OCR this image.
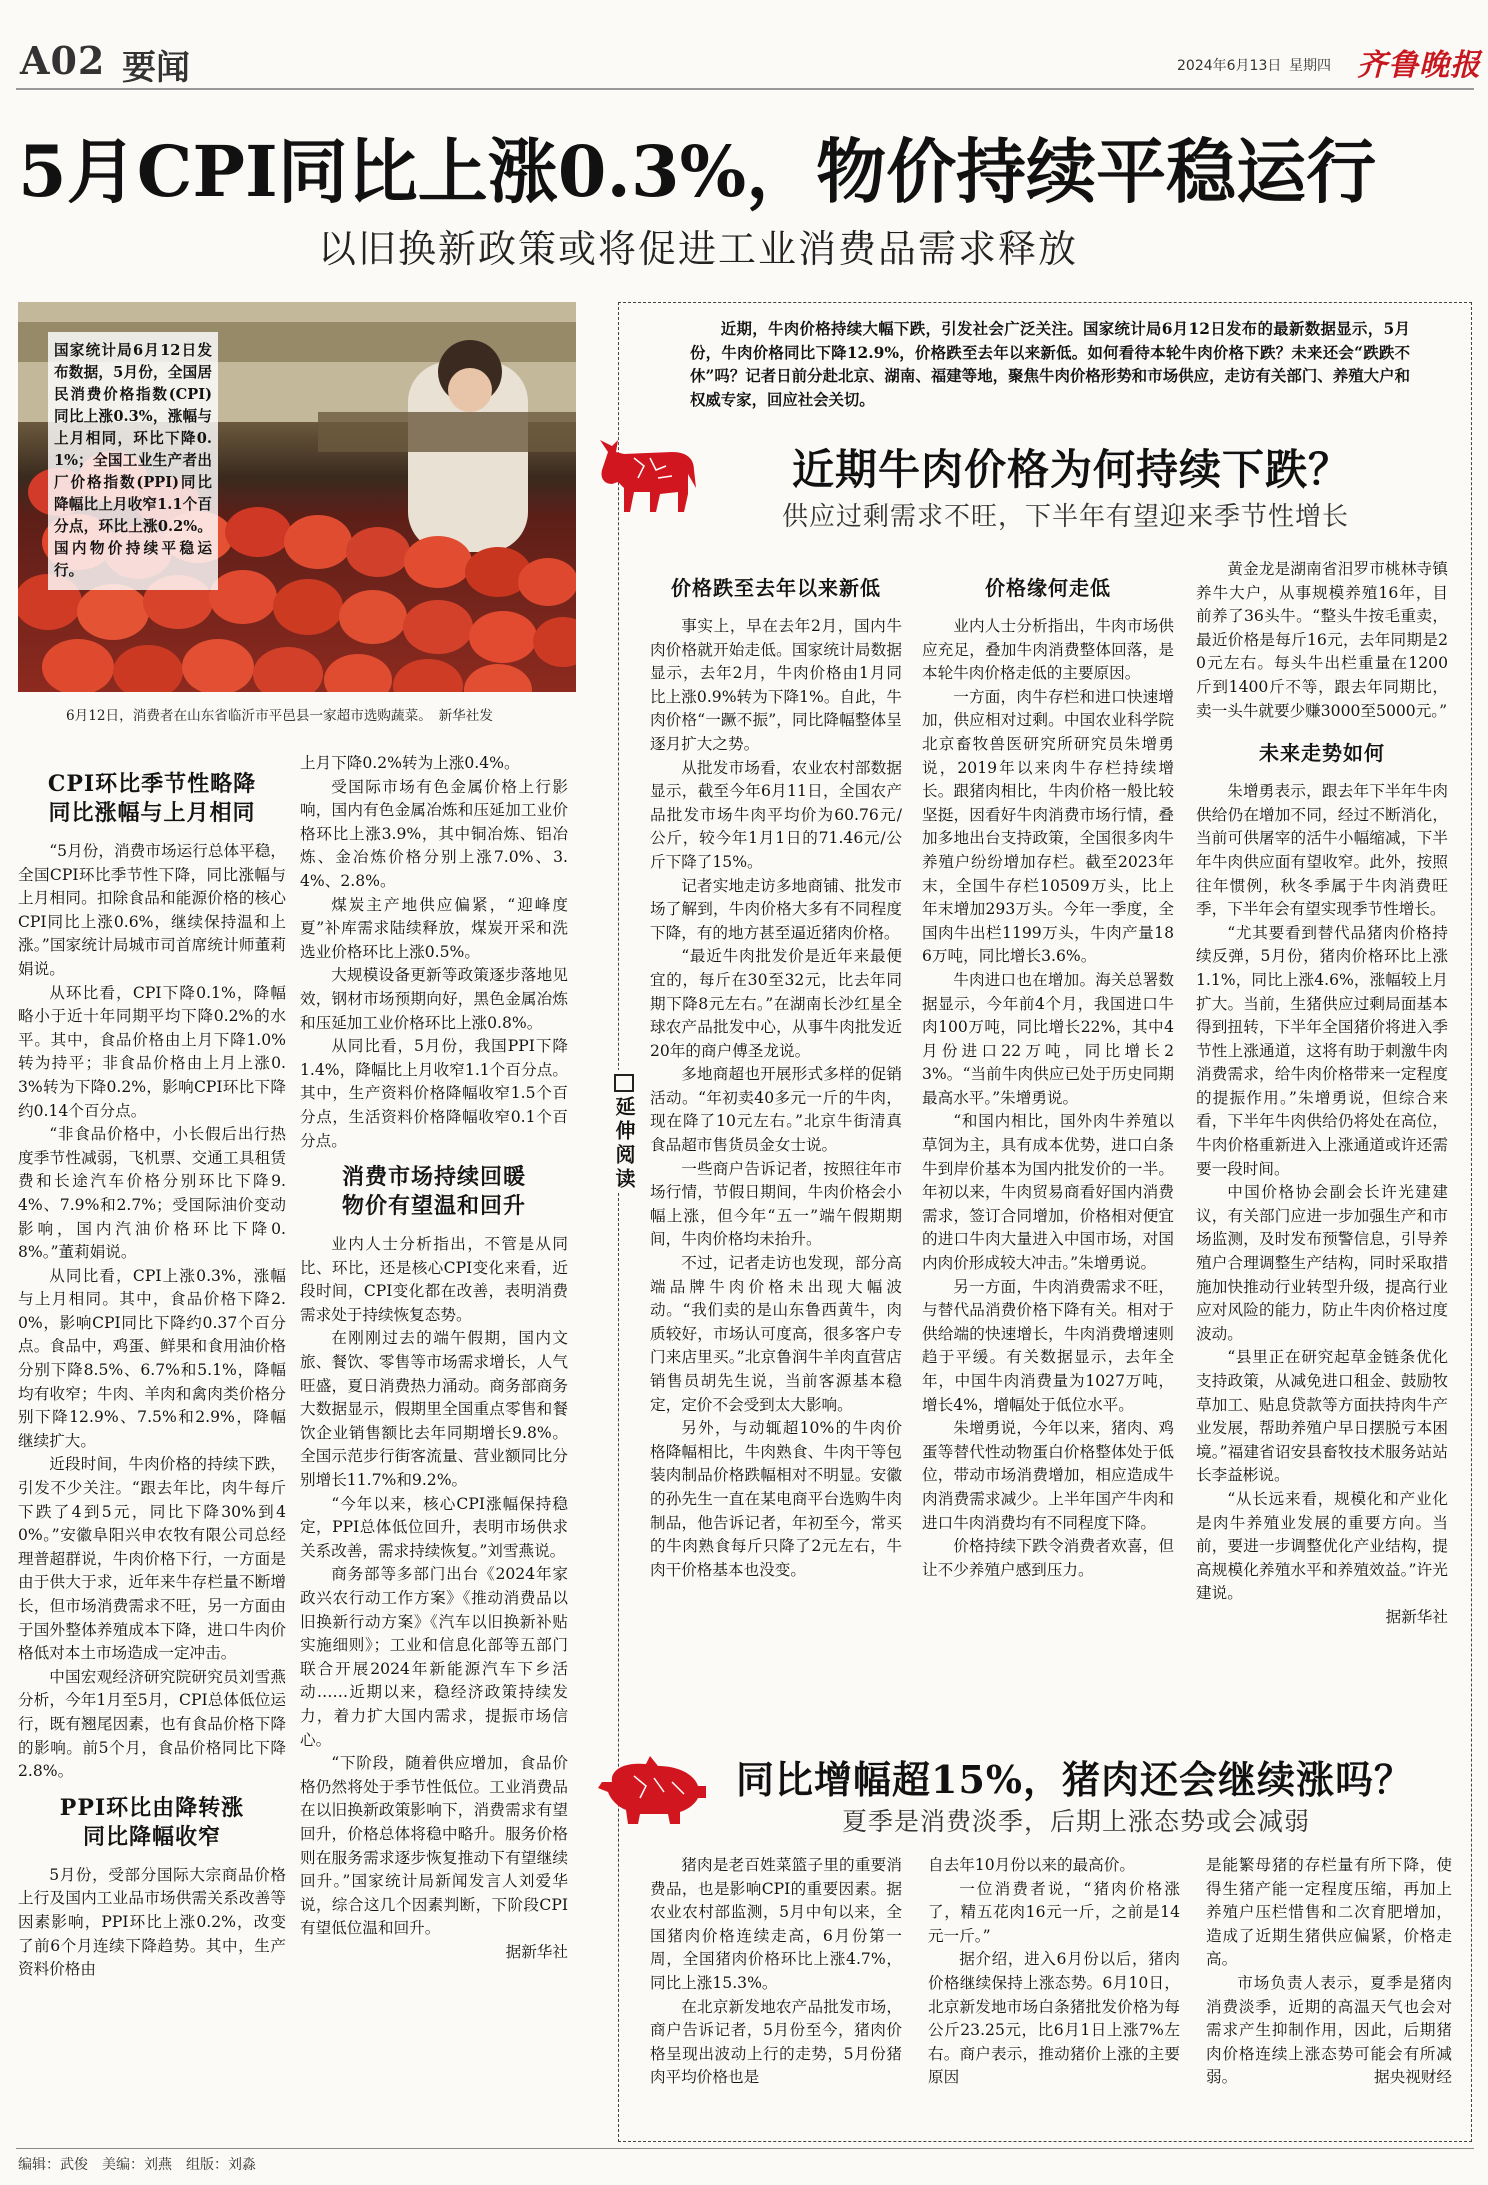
A02 要闻	2024年6月13日 星期四 齐鲁晚报
5月CPI同比上涨0.3%，物价持续平稳运行
以旧换新政策或将促进工业消费品需求释放
国家统计局6月12日发布数据，5月份，全国居民消费价格指数(CPI)同比上涨0.3%，涨幅与上月相同，环比下降0.1%；全国工业生产者出厂价格指数(PPI)同比降幅比上月收窄1.1个百分点，环比上涨0.2%。国内物价持续平稳运行。
6月12日，消费者在山东省临沂市平邑县一家超市选购蔬菜。　新华社发
CPI环比季节性略降
同比涨幅与上月相同

“5月份，消费市场运行总体平稳，全国CPI环比季节性下降，同比涨幅与上月相同。扣除食品和能源价格的核心CPI同比上涨0.6%，继续保持温和上涨。”国家统计局城市司首席统计师董莉娟说。

从环比看，CPI下降0.1%，降幅略小于近十年同期平均下降0.2%的水平。其中，食品价格由上月下降1.0%转为持平；非食品价格由上月上涨0.3%转为下降0.2%，影响CPI环比下降约0.14个百分点。

“非食品价格中，小长假后出行热度季节性减弱，飞机票、交通工具租赁费和长途汽车价格分别环比下降9.4%、7.9%和2.7%；受国际油价变动影响，国内汽油价格环比下降0.8%。”董莉娟说。

从同比看，CPI上涨0.3%，涨幅与上月相同。其中，食品价格下降2.0%，影响CPI同比下降约0.37个百分点。食品中，鸡蛋、鲜果和食用油价格分别下降8.5%、6.7%和5.1%，降幅均有收窄；牛肉、羊肉和禽肉类价格分别下降12.9%、7.5%和2.9%，降幅继续扩大。

近段时间，牛肉价格的持续下跌，引发不少关注。“跟去年比，肉牛每斤下跌了4到5元，同比下降30%到40%。”安徽阜阳兴申农牧有限公司总经理普超群说，牛肉价格下行，一方面是由于供大于求，近年来牛存栏量不断增长，但市场消费需求不旺，另一方面由于国外整体养殖成本下降，进口牛肉价格低对本土市场造成一定冲击。

中国宏观经济研究院研究员刘雪燕分析，今年1月至5月，CPI总体低位运行，既有翘尾因素，也有食品价格下降的影响。前5个月，食品价格同比下降2.8%。

PPI环比由降转涨
同比降幅收窄

5月份，受部分国际大宗商品价格上行及国内工业品市场供需关系改善等因素影响，PPI环比上涨0.2%，改变了前6个月连续下降趋势。其中，生产资料价格由

上月下降0.2%转为上涨0.4%。

受国际市场有色金属价格上行影响，国内有色金属冶炼和压延加工业价格环比上涨3.9%，其中铜冶炼、铝冶炼、金冶炼价格分别上涨7.0%、3.4%、2.8%。

煤炭主产地供应偏紧，“迎峰度夏”补库需求陆续释放，煤炭开采和洗选业价格环比上涨0.5%。

大规模设备更新等政策逐步落地见效，钢材市场预期向好，黑色金属冶炼和压延加工业价格环比上涨0.8%。

从同比看，5月份，我国PPI下降1.4%，降幅比上月收窄1.1个百分点。其中，生产资料价格降幅收窄1.5个百分点，生活资料价格降幅收窄0.1个百分点。

消费市场持续回暖
物价有望温和回升

业内人士分析指出，不管是从同比、环比，还是核心CPI变化来看，近段时间，CPI变化都在改善，表明消费需求处于持续恢复态势。

在刚刚过去的端午假期，国内文旅、餐饮、零售等市场需求增长，人气旺盛，夏日消费热力涌动。商务部商务大数据显示，假期里全国重点零售和餐饮企业销售额比去年同期增长9.8%。全国示范步行街客流量、营业额同比分别增长11.7%和9.2%。

“今年以来，核心CPI涨幅保持稳定，PPI总体低位回升，表明市场供求关系改善，需求持续恢复。”刘雪燕说。

商务部等多部门出台《2024年家政兴农行动工作方案》《推动消费品以旧换新行动方案》《汽车以旧换新补贴实施细则》；工业和信息化部等五部门联合开展2024年新能源汽车下乡活动……近期以来，稳经济政策持续发力，着力扩大国内需求，提振市场信心。

“下阶段，随着供应增加，食品价格仍然将处于季节性低位。工业消费品在以旧换新政策影响下，消费需求有望回升，价格总体将稳中略升。服务价格则在服务需求逐步恢复推动下有望继续回升。”国家统计局新闻发言人刘爱华说，综合这几个因素判断，下阶段CPI有望低位温和回升。

据新华社

近期，牛肉价格持续大幅下跌，引发社会广泛关注。国家统计局6月12日发布的最新数据显示，5月份，牛肉价格同比下降12.9%，价格跌至去年以来新低。如何看待本轮牛肉价格下跌？未来还会“跌跌不休”吗？记者日前分赴北京、湖南、福建等地，聚焦牛肉价格形势和市场供应，走访有关部门、养殖大户和权威专家，回应社会关切。
近期牛肉价格为何持续下跌？
供应过剩需求不旺，下半年有望迎来季节性增长
价格跌至去年以来新低

事实上，早在去年2月，国内牛肉价格就开始走低。国家统计局数据显示，去年2月，牛肉价格由1月同比上涨0.9%转为下降1%。自此，牛肉价格“一蹶不振”，同比降幅整体呈逐月扩大之势。

从批发市场看，农业农村部数据显示，截至今年6月11日，全国农产品批发市场牛肉平均价为60.76元/公斤，较今年1月1日的71.46元/公斤下降了15%。

记者实地走访多地商铺、批发市场了解到，牛肉价格大多有不同程度下降，有的地方甚至逼近猪肉价格。

“最近牛肉批发价是近年来最便宜的，每斤在30至32元，比去年同期下降8元左右。”在湖南长沙红星全球农产品批发中心，从事牛肉批发近20年的商户傅圣龙说。

多地商超也开展形式多样的促销活动。“年初卖40多元一斤的牛肉，现在降了10元左右。”北京牛街清真食品超市售货员金女士说。

一些商户告诉记者，按照往年市场行情，节假日期间，牛肉价格会小幅上涨，但今年“五一”端午假期期间，牛肉价格均未抬升。

不过，记者走访也发现，部分高端品牌牛肉价格未出现大幅波动。“我们卖的是山东鲁西黄牛，肉质较好，市场认可度高，很多客户专门来店里买。”北京鲁润牛羊肉直营店销售员胡先生说，当前客源基本稳定，定价不会受到太大影响。

另外，与动辄超10%的牛肉价格降幅相比，牛肉熟食、牛肉干等包装肉制品价格跌幅相对不明显。安徽的孙先生一直在某电商平台选购牛肉制品，他告诉记者，年初至今，常买的牛肉熟食每斤只降了2元左右，牛肉干价格基本也没变。

延伸阅读
价格缘何走低

业内人士分析指出，牛肉市场供应充足，叠加牛肉消费整体回落，是本轮牛肉价格走低的主要原因。

一方面，肉牛存栏和进口快速增加，供应相对过剩。中国农业科学院北京畜牧兽医研究所研究员朱增勇说，2019年以来肉牛存栏持续增长。跟猪肉相比，牛肉价格一般比较坚挺，因看好牛肉消费市场行情，叠加多地出台支持政策，全国很多肉牛养殖户纷纷增加存栏。截至2023年末，全国牛存栏10509万头，比上年末增加293万头。今年一季度，全国肉牛出栏1199万头，牛肉产量186万吨，同比增长3.6%。

牛肉进口也在增加。海关总署数据显示，今年前4个月，我国进口牛肉100万吨，同比增长22%，其中4月份进口22万吨，同比增长23%。“当前牛肉供应已处于历史同期最高水平。”朱增勇说。

“和国内相比，国外肉牛养殖以草饲为主，具有成本优势，进口白条牛到岸价基本为国内批发价的一半。年初以来，牛肉贸易商看好国内消费需求，签订合同增加，价格相对便宜的进口牛肉大量进入中国市场，对国内肉价形成较大冲击。”朱增勇说。

另一方面，牛肉消费需求不旺，与替代品消费价格下降有关。相对于供给端的快速增长，牛肉消费增速则趋于平缓。有关数据显示，去年全年，中国牛肉消费量为1027万吨，增长4%，增幅处于低位水平。

朱增勇说，今年以来，猪肉、鸡蛋等替代性动物蛋白价格整体处于低位，带动市场消费增加，相应造成牛肉消费需求减少。上半年国产牛肉和进口牛肉消费均有不同程度下降。

价格持续下跌令消费者欢喜，但让不少养殖户感到压力。

黄金龙是湖南省汨罗市桃林寺镇养牛大户，从事规模养殖16年，目前养了36头牛。“整头牛按毛重卖，最近价格是每斤16元，去年同期是20元左右。每头牛出栏重量在1200斤到1400斤不等，跟去年同期比，卖一头牛就要少赚3000至5000元。”

未来走势如何

朱增勇表示，跟去年下半年牛肉供给仍在增加不同，经过不断消化，当前可供屠宰的活牛小幅缩减，下半年牛肉供应面有望收窄。此外，按照往年惯例，秋冬季属于牛肉消费旺季，下半年会有望实现季节性增长。

“尤其要看到替代品猪肉价格持续反弹，5月份，猪肉价格环比上涨1.1%，同比上涨4.6%，涨幅较上月扩大。当前，生猪供应过剩局面基本得到扭转，下半年全国猪价将进入季节性上涨通道，这将有助于刺激牛肉消费需求，给牛肉价格带来一定程度的提振作用。”朱增勇说，但综合来看，下半年牛肉供给仍将处在高位，牛肉价格重新进入上涨通道或许还需要一段时间。

中国价格协会副会长许光建建议，有关部门应进一步加强生产和市场监测，及时发布预警信息，引导养殖户合理调整生产结构，同时采取措施加快推动行业转型升级，提高行业应对风险的能力，防止牛肉价格过度波动。

“县里正在研究起草金链条优化支持政策，从减免进口租金、鼓励牧草加工、贴息贷款等方面扶持肉牛产业发展，帮助养殖户早日摆脱亏本困境。”福建省诏安县畜牧技术服务站站长李益彬说。

“从长远来看，规模化和产业化是肉牛养殖业发展的重要方向。当前，要进一步调整优化产业结构，提高规模化养殖水平和养殖效益。”许光建说。

据新华社

同比增幅超15%，猪肉还会继续涨吗？
夏季是消费淡季，后期上涨态势或会减弱

猪肉是老百姓菜篮子里的重要消费品，也是影响CPI的重要因素。据农业农村部监测，5月中旬以来，全国猪肉价格连续走高，6月份第一周，全国猪肉价格环比上涨4.7%，同比上涨15.3%。

在北京新发地农产品批发市场，商户告诉记者，5月份至今，猪肉价格呈现出波动上行的走势，5月份猪肉平均价格也是

自去年10月份以来的最高价。

一位消费者说，“猪肉价格涨了，精五花肉16元一斤，之前是14元一斤。”

据介绍，进入6月份以后，猪肉价格继续保持上涨态势。6月10日，北京新发地市场白条猪批发价格为每公斤23.25元，比6月1日上涨7%左右。商户表示，推动猪价上涨的主要原因

是能繁母猪的存栏量有所下降，使得生猪产能一定程度压缩，再加上养殖户压栏惜售和二次育肥增加，造成了近期生猪供应偏紧，价格走高。

市场负责人表示，夏季是猪肉消费淡季，近期的高温天气也会对需求产生抑制作用，因此，后期猪肉价格连续上涨态势可能会有所减弱。	据央视财经

编辑：武俊　美编：刘燕　组版：刘淼
